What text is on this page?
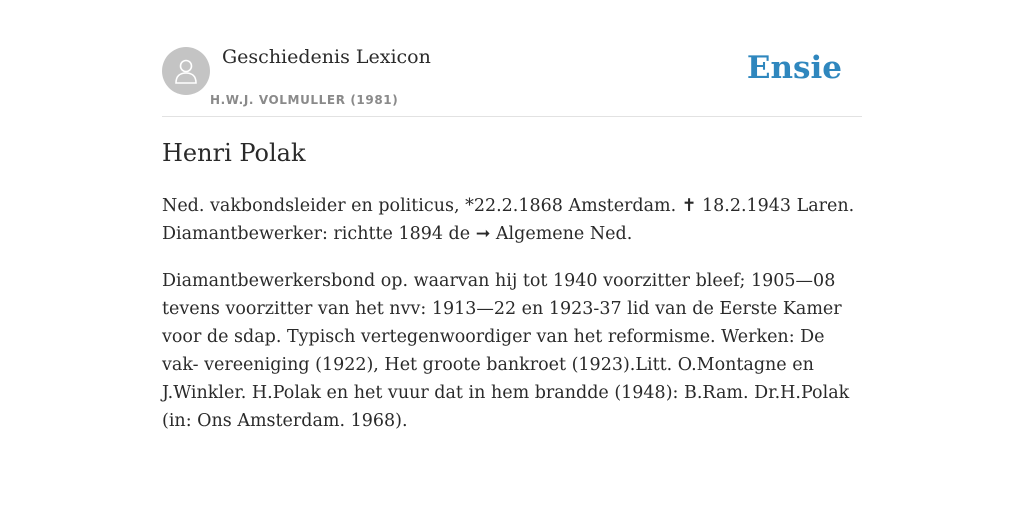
Geschiedenis Lexicon
H.W.J. VOLMULLER (1981)
Ensie
Henri Polak

Ned. vakbondsleider en politicus, *22.2.1868 Amsterdam. ✝ 18.2.1943 Laren. Diamantbewerker: richtte 1894 de ➞ Algemene Ned.

Diamantbewerkersbond op. waarvan hij tot 1940 voorzitter bleef; 1905—08 tevens voorzitter van het nvv: 1913—22 en 1923-37 lid van de Eerste Kamer voor de sdap. Typisch vertegenwoordiger van het reformisme. Werken: De vak- vereeniging (1922), Het groote bankroet (1923).Litt. O.Montagne en J.Winkler. H.Polak en het vuur dat in hem brandde (1948): B.Ram. Dr.H.Polak (in: Ons Amsterdam. 1968).
